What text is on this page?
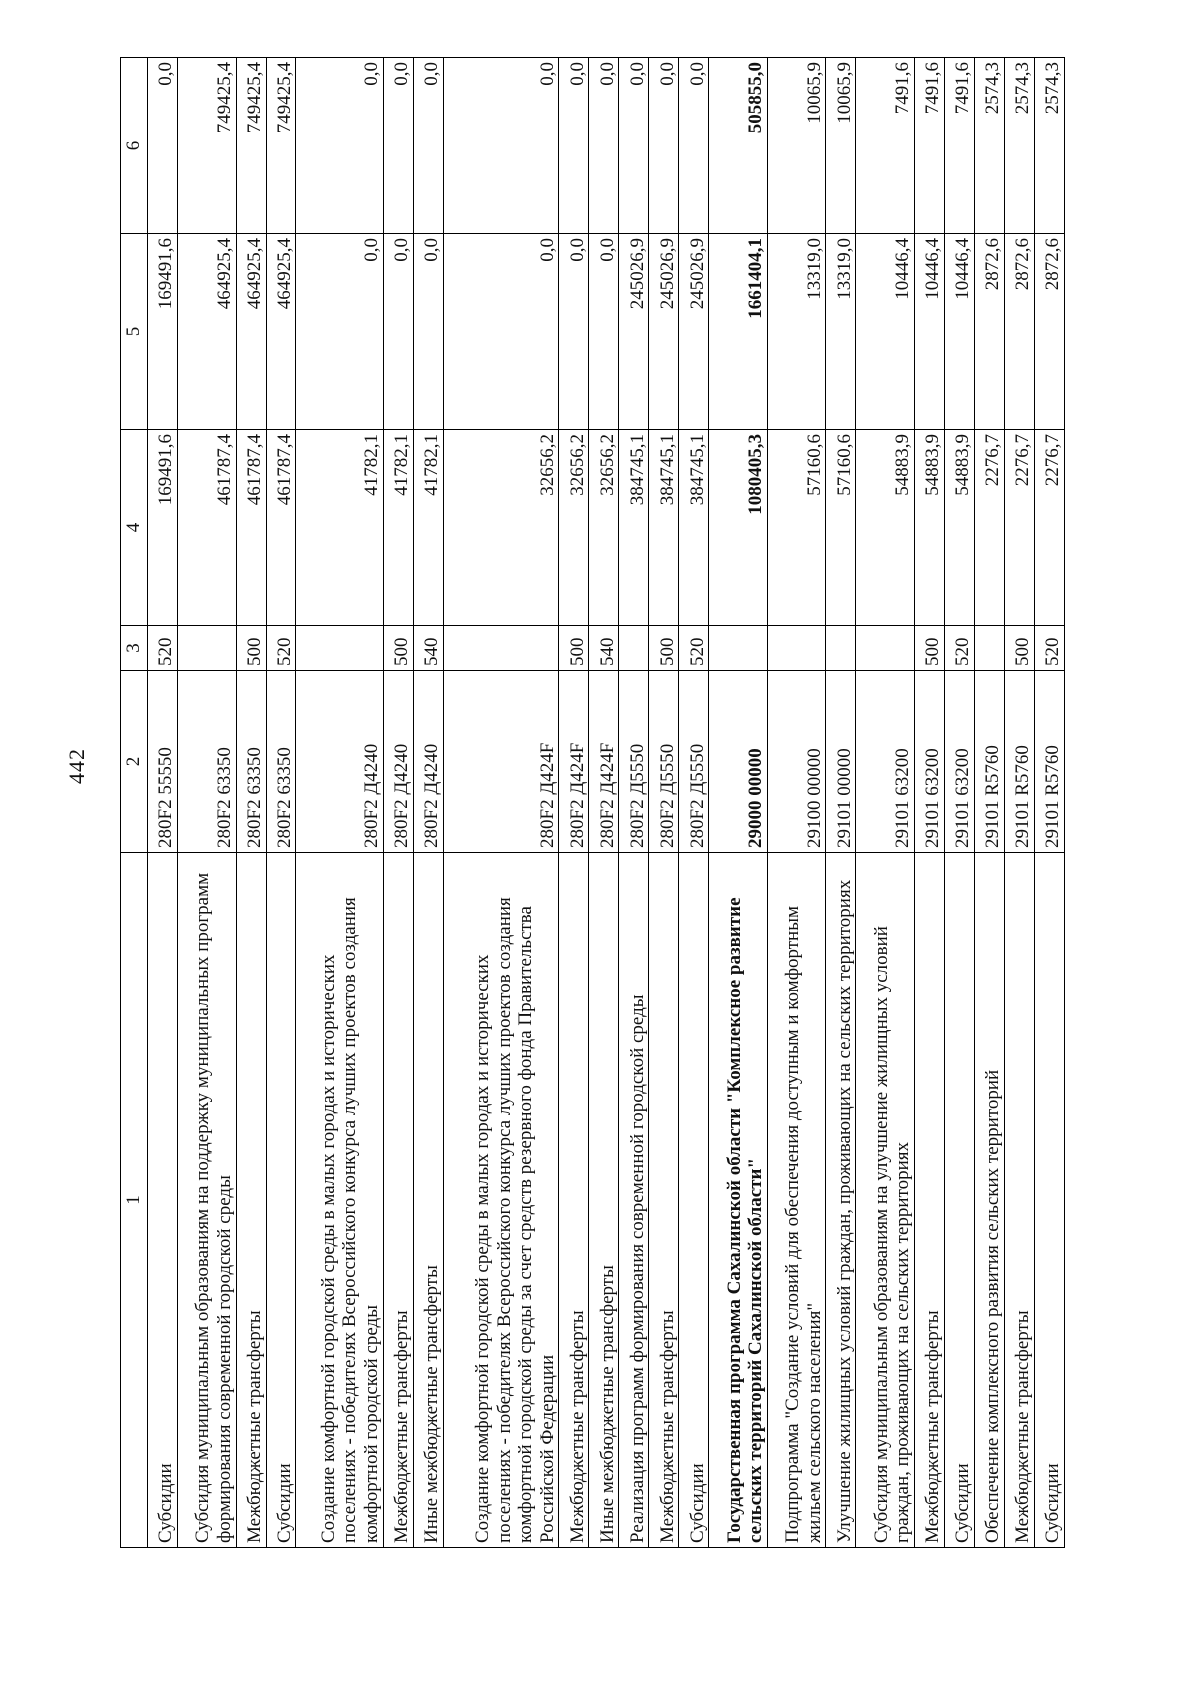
442
1	2	3	4	5	6
Субсидии	280F2 55550	520	169491,6	169491,6	0,0
Субсидия муниципальным образованиям на поддержку муниципальных программ формирования современной городской среды	280F2 63350		461787,4	464925,4	749425,4
Межбюджетные трансферты	280F2 63350	500	461787,4	464925,4	749425,4
Субсидии	280F2 63350	520	461787,4	464925,4	749425,4
Создание комфортной городской среды в малых городах и исторических поселениях - победителях Всероссийского конкурса лучших проектов создания комфортной городской среды	280F2 Д4240		41782,1	0,0	0,0
Межбюджетные трансферты	280F2 Д4240	500	41782,1	0,0	0,0
Иные межбюджетные трансферты	280F2 Д4240	540	41782,1	0,0	0,0
Создание комфортной городской среды в малых городах и исторических поселениях - победителях Всероссийского конкурса лучших проектов создания комфортной городской среды за счет средств резервного фонда Правительства Российской Федерации	280F2 Д424F		32656,2	0,0	0,0
Межбюджетные трансферты	280F2 Д424F	500	32656,2	0,0	0,0
Иные межбюджетные трансферты	280F2 Д424F	540	32656,2	0,0	0,0
Реализация программ формирования современной городской среды	280F2 Д5550		384745,1	245026,9	0,0
Межбюджетные трансферты	280F2 Д5550	500	384745,1	245026,9	0,0
Субсидии	280F2 Д5550	520	384745,1	245026,9	0,0
Государственная программа Сахалинской области "Комплексное развитие сельских территорий Сахалинской области"	29000 00000		1080405,3	1661404,1	505855,0
Подпрограмма "Создание условий для обеспечения доступным и комфортным жильем сельского населения"	29100 00000		57160,6	13319,0	10065,9
Улучшение жилищных условий граждан, проживающих на сельских территориях	29101 00000		57160,6	13319,0	10065,9
Субсидия муниципальным образованиям на улучшение жилищных условий граждан, проживающих на сельских территориях	29101 63200		54883,9	10446,4	7491,6
Межбюджетные трансферты	29101 63200	500	54883,9	10446,4	7491,6
Субсидии	29101 63200	520	54883,9	10446,4	7491,6
Обеспечение комплексного развития сельских территорий	29101 R5760		2276,7	2872,6	2574,3
Межбюджетные трансферты	29101 R5760	500	2276,7	2872,6	2574,3
Субсидии	29101 R5760	520	2276,7	2872,6	2574,3
